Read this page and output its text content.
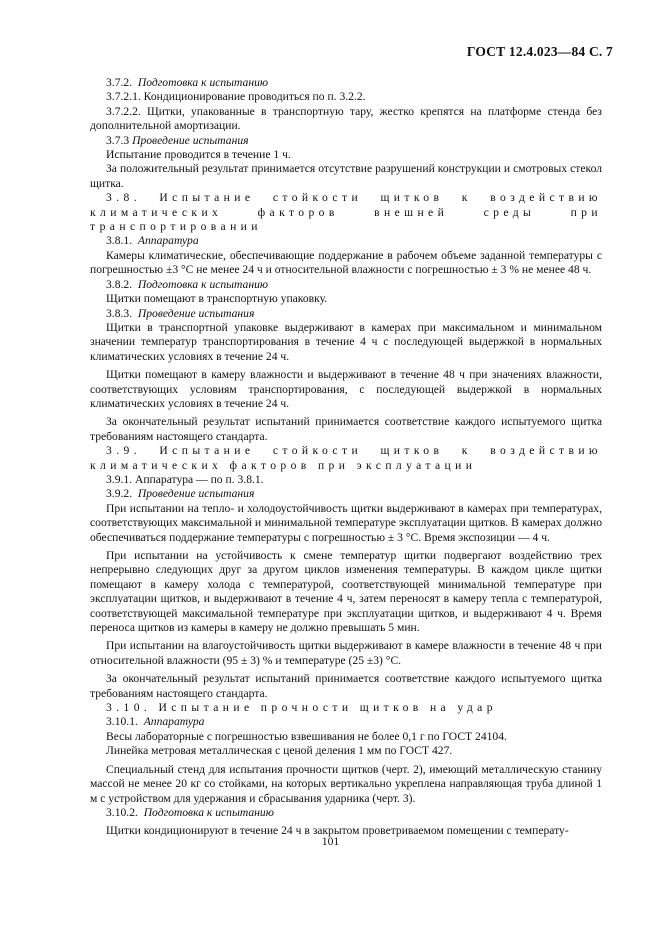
ГОСТ 12.4.023—84 С. 7

3.7.2. Подготовка к испытанию

3.7.2.1. Кондиционирование проводиться по п. 3.2.2.

3.7.2.2. Щитки, упакованные в транспортную тару, жестко крепятся на платформе стенда без дополнительной амортизации.

3.7.3 Проведение испытания

Испытание проводится в течение 1 ч.

За положительный результат принимается отсутствие разрушений конструкции и смотровых стекол щитка.

3.8. Испытание стойкости щитков к воздействию климатических факторов внешней среды при транспортировании

3.8.1. Аппаратура

Камеры климатические, обеспечивающие поддержание в рабочем объеме заданной температуры с погрешностью ±3 °С не менее 24 ч и относительной влажности с погрешностью ± 3 % не менее 48 ч.

3.8.2. Подготовка к испытанию

Щитки помещают в транспортную упаковку.

3.8.3. Проведение испытания

Щитки в транспортной упаковке выдерживают в камерах при максимальном и минимальном значении температур транспортирования в течение 4 ч с последующей выдержкой в нормальных климатических условиях в течение 24 ч.

Щитки помещают в камеру влажности и выдерживают в течение 48 ч при значениях влажности, соответствующих условиям транспортирования, с последующей выдержкой в нормальных климатических условиях в течение 24 ч.

За окончательный результат испытаний принимается соответствие каждого испытуемого щитка требованиям настоящего стандарта.

3.9. Испытание стойкости щитков к воздействию климатических факторов при эксплуатации

3.9.1. Аппаратура — по п. 3.8.1.

3.9.2. Проведение испытания

При испытании на тепло- и холодоустойчивость щитки выдерживают в камерах при температурах, соответствующих максимальной и минимальной температуре эксплуатации щитков. В камерах должно обеспечиваться поддержание температуры с погрешностью ± 3 °С. Время экспозиции — 4 ч.

При испытании на устойчивость к смене температур щитки подвергают воздействию трех непрерывно следующих друг за другом циклов изменения температуры. В каждом цикле щитки помещают в камеру холода с температурой, соответствующей минимальной температуре при эксплуатации щитков, и выдерживают в течение 4 ч, затем переносят в камеру тепла с температурой, соответствующей максимальной температуре при эксплуатации щитков, и выдерживают 4 ч. Время переноса щитков из камеры в камеру не должно превышать 5 мин.

При испытании на влагоустойчивость щитки выдерживают в камере влажности в течение 48 ч при относительной влажности (95 ± 3) % и температуре (25 ±3) °С.

За окончательный результат испытаний принимается соответствие каждого испытуемого щитка требованиям настоящего стандарта.

3.10. Испытание прочности щитков на удар

3.10.1. Аппаратура

Весы лабораторные с погрешностью взвешивания не более 0,1 г по ГОСТ 24104.

Линейка метровая металлическая с ценой деления 1 мм по ГОСТ 427.

Специальный стенд для испытания прочности щитков (черт. 2), имеющий металлическую станину массой не менее 20 кг со стойками, на которых вертикально укреплена направляющая труба длиной 1 м с устройством для удержания и сбрасывания ударника (черт. 3).

3.10.2. Подготовка к испытанию

Щитки кондиционируют в течение 24 ч в закрытом проветриваемом помещении с температу-

101
